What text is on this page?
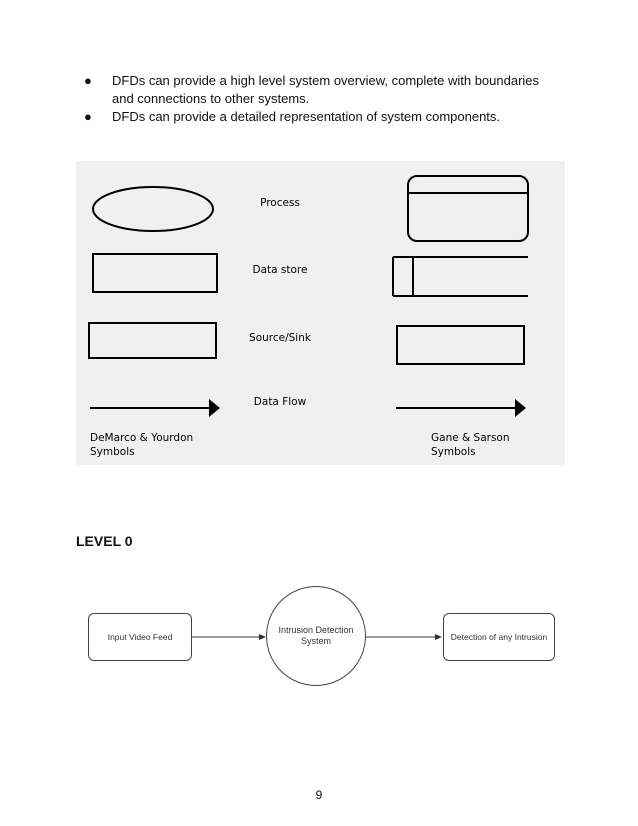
● DFDs can provide a high level system overview, complete with boundaries and connections to other systems.
● DFDs can provide a detailed representation of system components.
Process
Data store
Source/Sink
Data Flow
DeMarco & Yourdon
Symbols
Gane & Sarson
Symbols
LEVEL 0
Input Video Feed
Intrusion Detection System	Detection of any Intrusion
9
